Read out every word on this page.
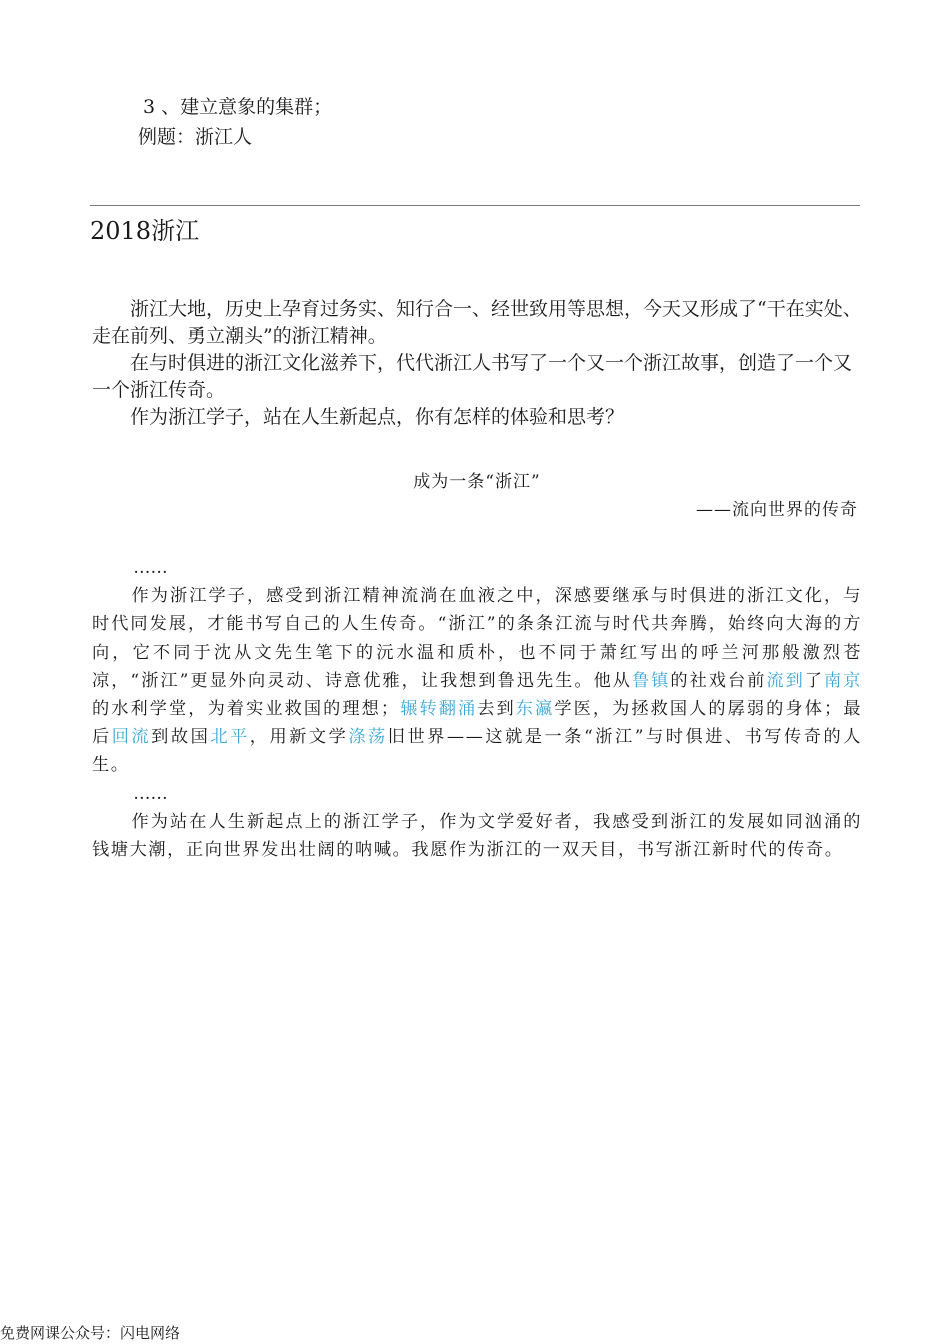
3 、建立意象的集群；
例题：浙江人
2018浙江

浙江大地，历史上孕育过务实、知行合一、经世致用等思想，今天又形成了“干在实处、走在前列、勇立潮头”的浙江精神。

在与时俱进的浙江文化滋养下，代代浙江人书写了一个又一个浙江故事，创造了一个又一个浙江传奇。

作为浙江学子，站在人生新起点，你有怎样的体验和思考？

成为一条“浙江”
——流向世界的传奇

……

作为浙江学子，感受到浙江精神流淌在血液之中，深感要继承与时俱进的浙江文化，与时代同发展，才能书写自己的人生传奇。“浙江”的条条江流与时代共奔腾，始终向大海的方向，它不同于沈从文先生笔下的沅水温和质朴，也不同于萧红写出的呼兰河那般激烈苍凉，“浙江”更显外向灵动、诗意优雅，让我想到鲁迅先生。他从鲁镇的社戏台前流到了南京的水利学堂，为着实业救国的理想；辗转翻涌去到东瀛学医，为拯救国人的孱弱的身体；最后回流到故国北平，用新文学涤荡旧世界——这就是一条“浙江”与时俱进、书写传奇的人生。

……

作为站在人生新起点上的浙江学子，作为文学爱好者，我感受到浙江的发展如同汹涌的钱塘大潮，正向世界发出壮阔的呐喊。我愿作为浙江的一双天目，书写浙江新时代的传奇。

免费网课公众号：闪电网络
